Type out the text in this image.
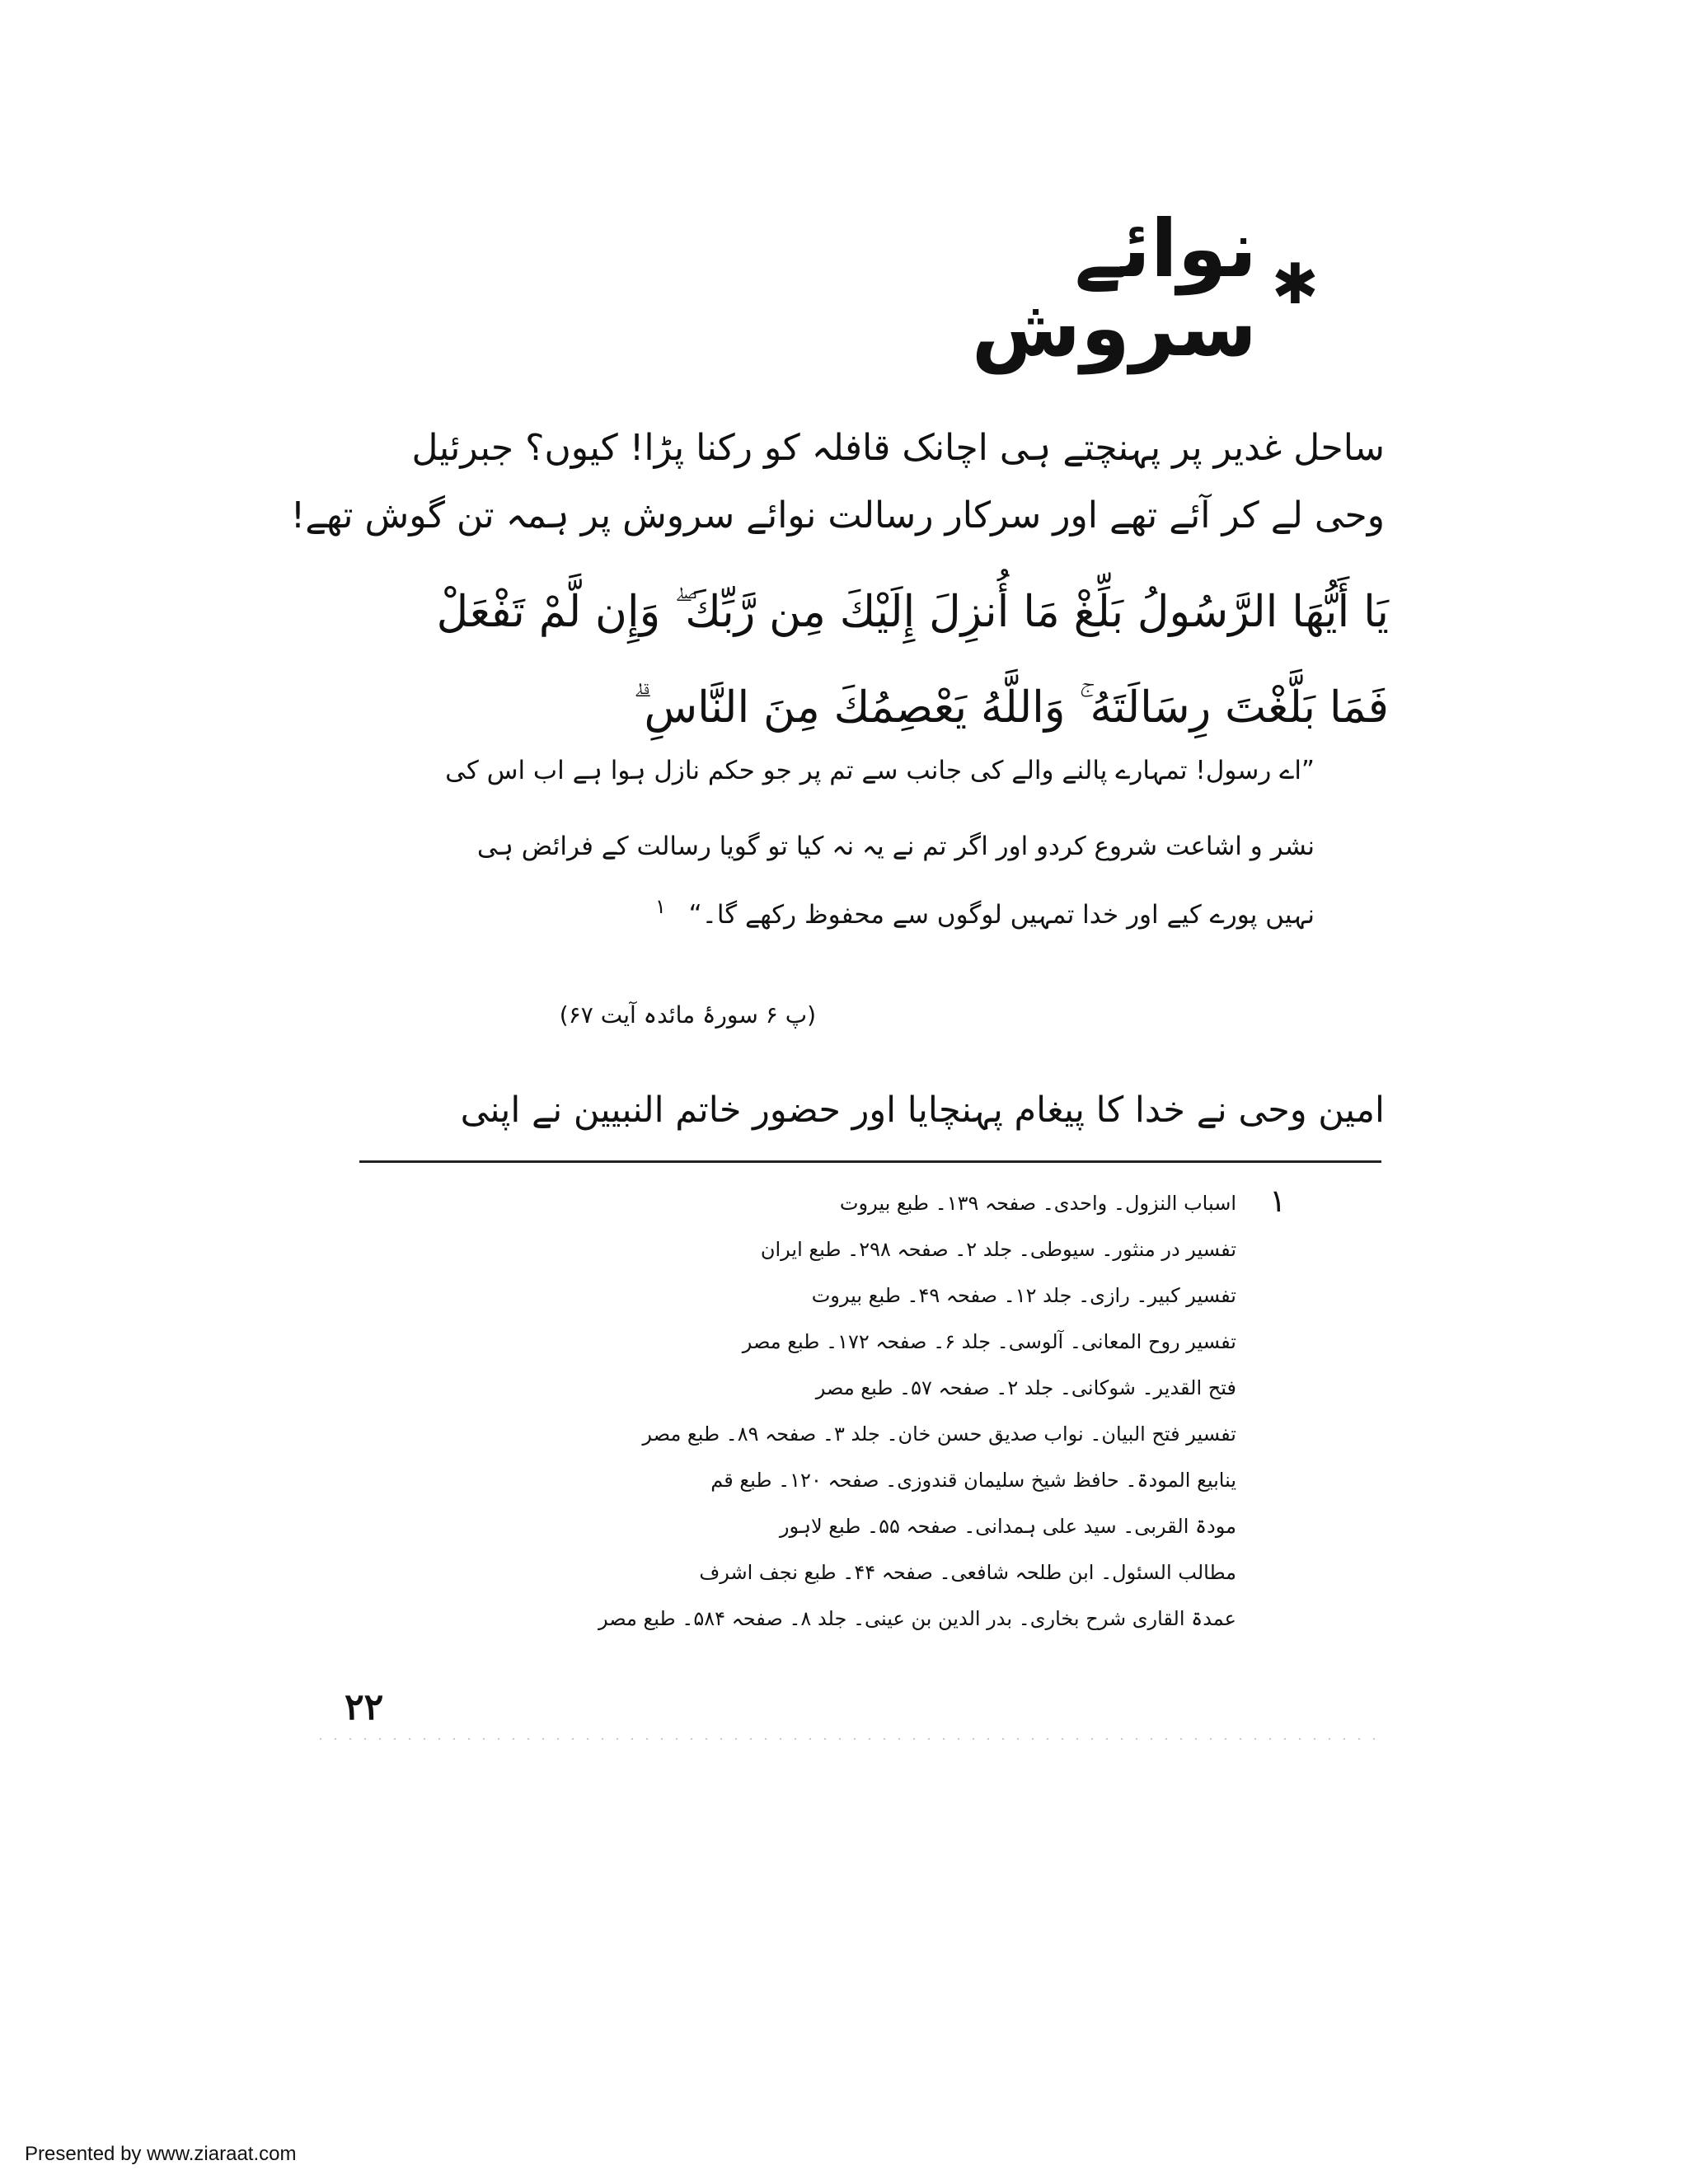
✱
نوائے سروش
ساحل غدیر پر پہنچتے ہی اچانک قافلہ کو رکنا پڑا! کیوں؟ جبرئیل
وحی لے کر آئے تھے اور سرکار رسالت نوائے سروش پر ہمہ تن گوش تھے!
يَا أَيُّهَا الرَّسُولُ بَلِّغْ مَا أُنزِلَ إِلَيْكَ مِن رَّبِّكَ ۖ وَإِن لَّمْ تَفْعَلْ
فَمَا بَلَّغْتَ رِسَالَتَهُ ۚ وَاللَّهُ يَعْصِمُكَ مِنَ النَّاسِ ۗ
”اے رسول! تمہارے پالنے والے کی جانب سے تم پر جو حکم نازل ہوا ہے اب اس کی
نشر و اشاعت شروع کردو اور اگر تم نے یہ نہ کیا تو گویا رسالت کے فرائض ہی
نہیں پورے کیے اور خدا تمہیں لوگوں سے محفوظ رکھے گا۔“
۱
(پ ۶ سورۂ مائدہ آیت ۶۷)
امین وحی نے خدا کا پیغام پہنچایا اور حضور خاتم النبیین نے اپنی
۱
اسباب النزول۔ واحدی۔ صفحہ ۱۳۹۔ طبع بیروت
تفسیر در منثور۔ سیوطی۔ جلد ۲۔ صفحہ ۲۹۸۔ طبع ایران
تفسیر کبیر۔ رازی۔ جلد ۱۲۔ صفحہ ۴۹۔ طبع بیروت
تفسیر روح المعانی۔ آلوسی۔ جلد ۶۔ صفحہ ۱۷۲۔ طبع مصر
فتح القدیر۔ شوکانی۔ جلد ۲۔ صفحہ ۵۷۔ طبع مصر
تفسیر فتح البیان۔ نواب صدیق حسن خان۔ جلد ۳۔ صفحہ ۸۹۔ طبع مصر
ینابیع المودۃ۔ حافظ شیخ سلیمان قندوزی۔ صفحہ ۱۲۰۔ طبع قم
مودۃ القربی۔ سید علی ہمدانی۔ صفحہ ۵۵۔ طبع لاہور
مطالب السئول۔ ابن طلحہ شافعی۔ صفحہ ۴۴۔ طبع نجف اشرف
عمدۃ القاری شرح بخاری۔ بدر الدین بن عینی۔ جلد ۸۔ صفحہ ۵۸۴۔ طبع مصر
۲۲
Presented by www.ziaraat.com
